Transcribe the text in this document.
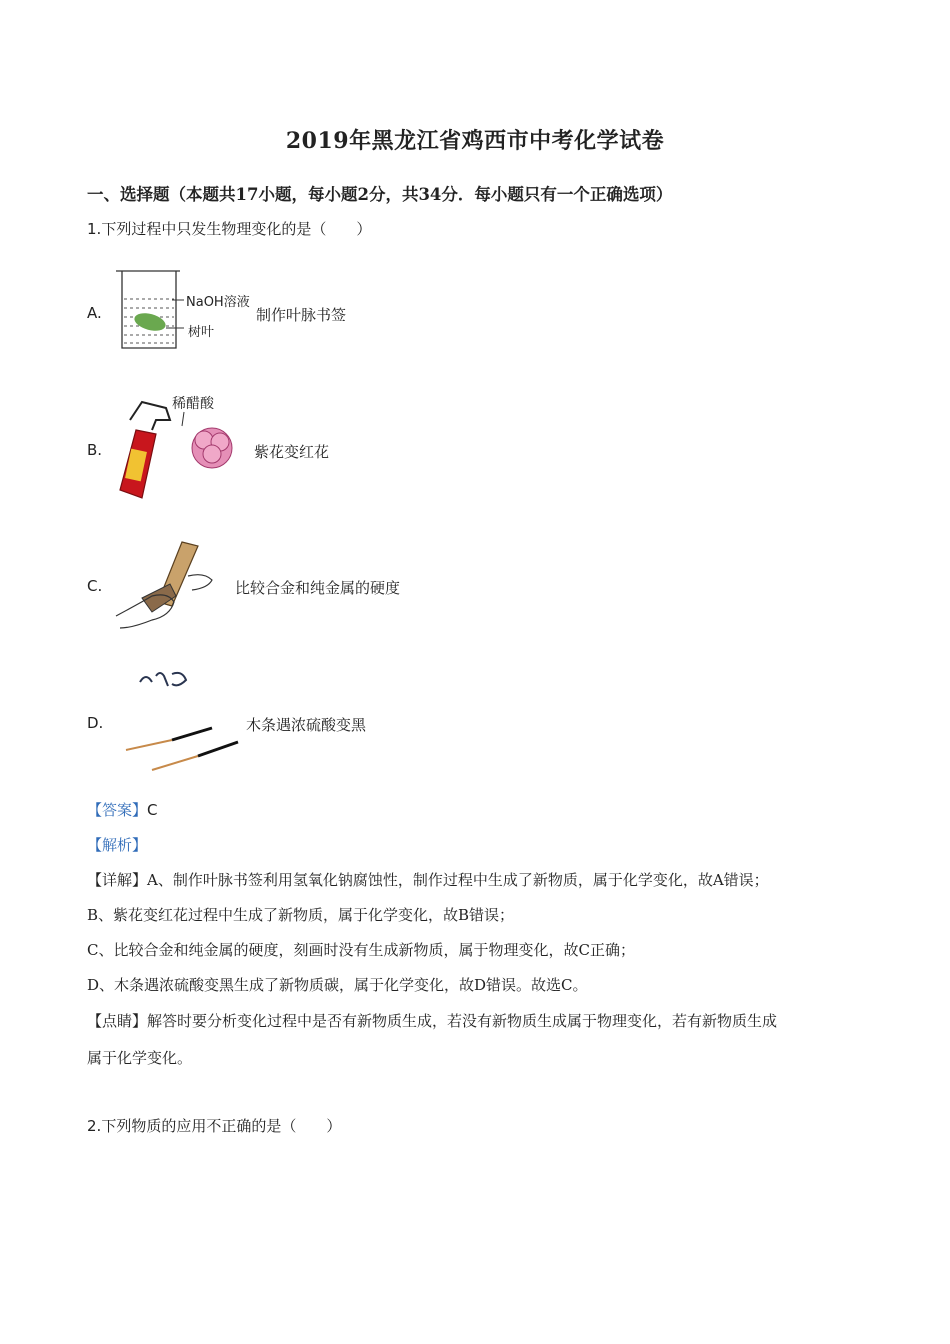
2019年黑龙江省鸡西市中考化学试卷
一、选择题（本题共17小题，每小题2分，共34分．每小题只有一个正确选项）
1.下列过程中只发生物理变化的是（　　）
A.
NaOH溶液
树叶
制作叶脉书签
B.
稀醋酸
紫花变红花
C.	比较合金和纯金属的硬度
D.	木条遇浓硫酸变黑
【答案】C
【解析】
【详解】A、制作叶脉书签利用氢氧化钠腐蚀性，制作过程中生成了新物质，属于化学变化，故A错误；
B、紫花变红花过程中生成了新物质，属于化学变化，故B错误；
C、比较合金和纯金属的硬度，刻画时没有生成新物质，属于物理变化，故C正确；
D、木条遇浓硫酸变黑生成了新物质碳，属于化学变化，故D错误。故选C。
【点睛】解答时要分析变化过程中是否有新物质生成，若没有新物质生成属于物理变化，若有新物质生成
属于化学变化。
2.下列物质的应用不正确的是（　　）
